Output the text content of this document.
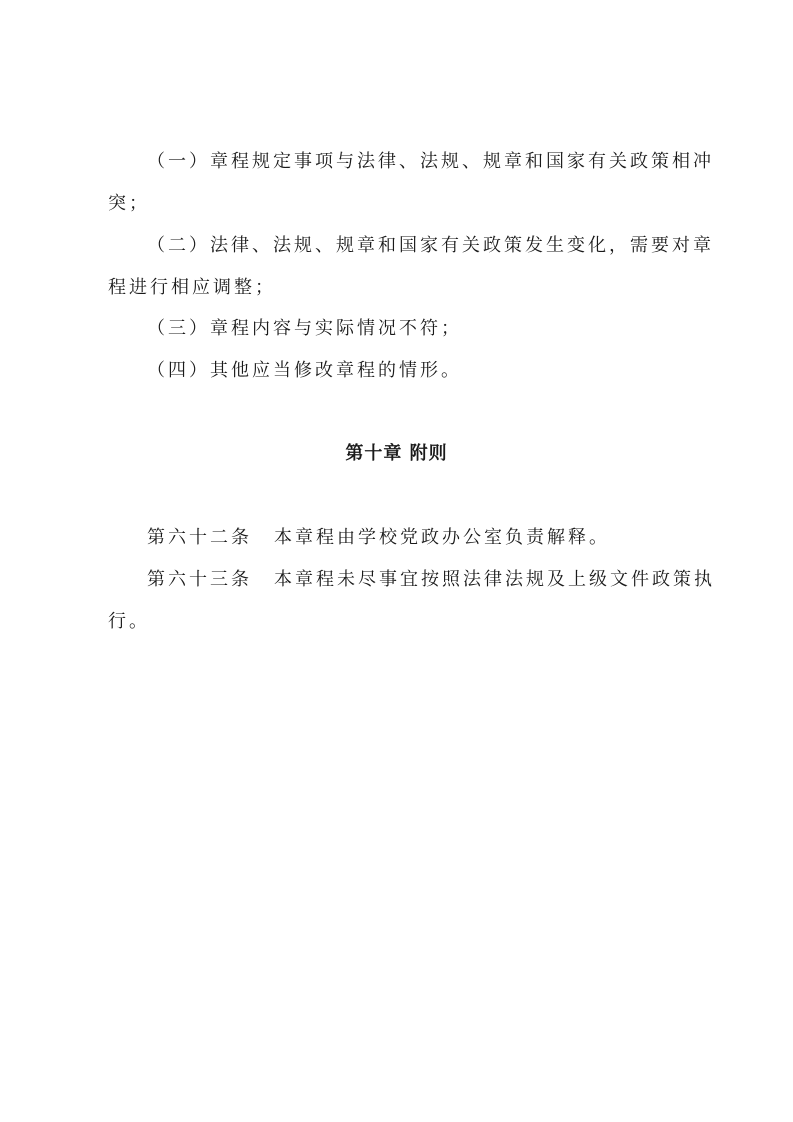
（一）章程规定事项与法律、法规、规章和国家有关政策相冲
突；
（二）法律、法规、规章和国家有关政策发生变化，需要对章
程进行相应调整；
（三）章程内容与实际情况不符；
（四）其他应当修改章程的情形。
第十章 附则
第六十二条 本章程由学校党政办公室负责解释。
第六十三条 本章程未尽事宜按照法律法规及上级文件政策执
行。
